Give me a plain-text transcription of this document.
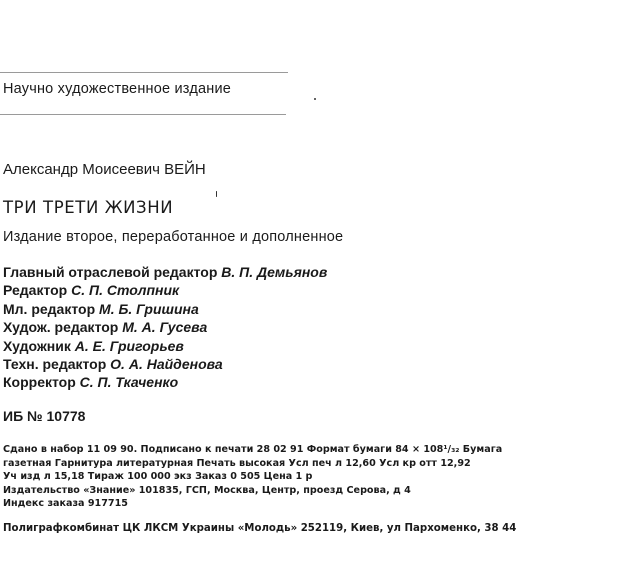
Научно художественное издание
Александр Моисеевич ВЕЙН
ТРИ ТРЕТИ ЖИЗНИ
Издание второе, переработанное и дополненное
Главный отраслевой редактор В. П. Демьянов
Редактор С. П. Столпник
Мл. редактор М. Б. Гришина
Худож. редактор М. А. Гусева
Художник А. Е. Григорьев
Техн. редактор О. А. Найденова
Корректор С. П. Ткаченко
ИБ № 10778
Сдано в набор 11 09 90. Подписано к печати 28 02 91 Формат бумаги 84 × 108¹/₃₂ Бумага
газетная Гарнитура литературная Печать высокая Усл печ л 12,60 Усл кр отт 12,92
Уч изд л 15,18 Тираж 100 000 экз Заказ 0 505 Цена 1 р
Издательство «Знание» 101835, ГСП, Москва, Центр, проезд Серова, д 4
Индекс заказа 917715
Полиграфкомбинат ЦК ЛКСМ Украины «Молодь» 252119, Киев, ул Пархоменко, 38 44
